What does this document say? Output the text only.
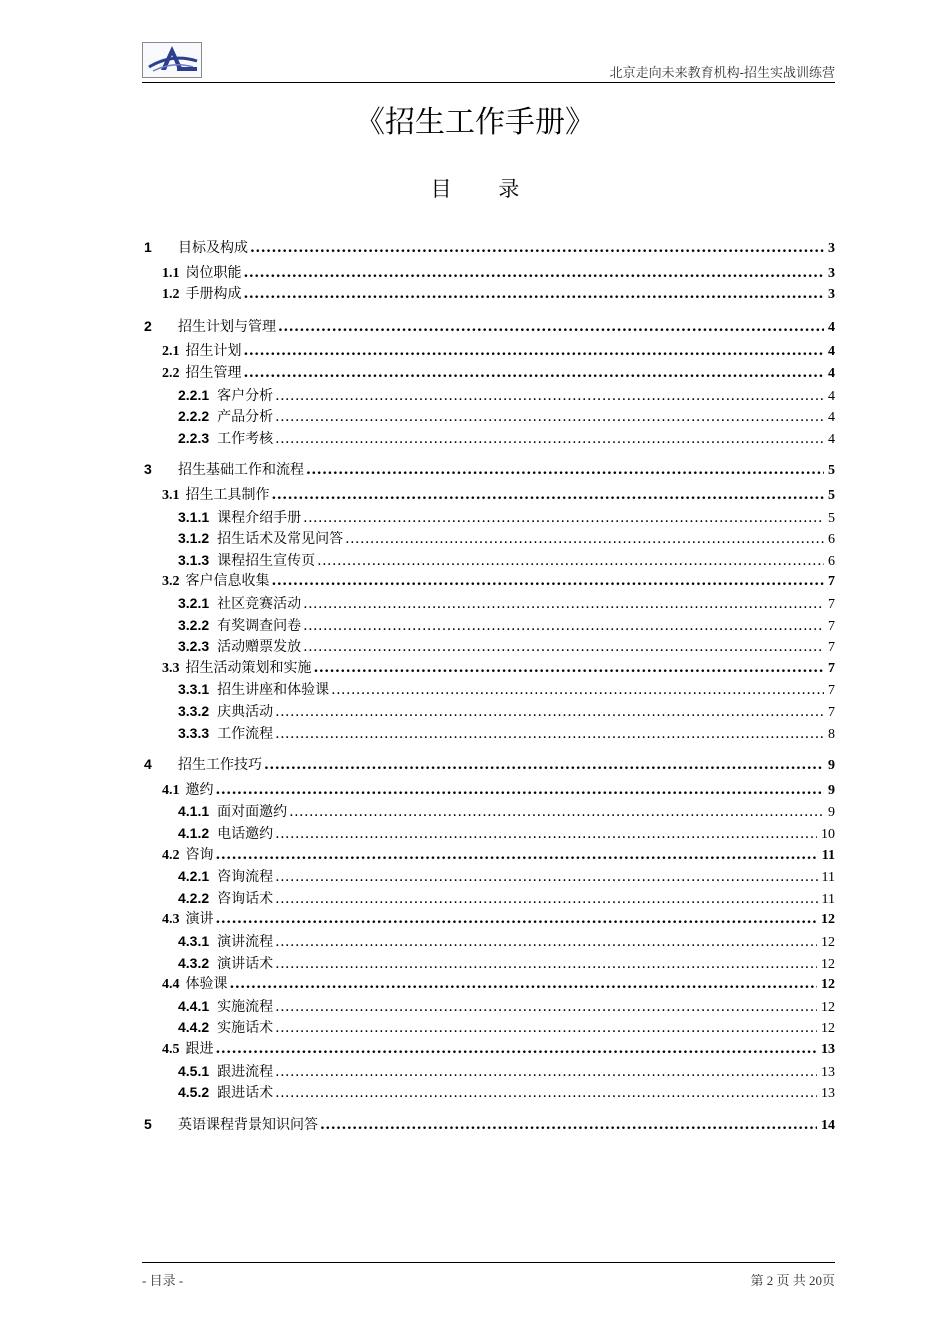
北京走向未来教育机构-招生实战训练营
《招生工作手册》
目 录
1	目标及构成 .....	3
1.1 岗位职能 .....	3
1.2 手册构成 .....	3
2	招生计划与管理 .....	4
2.1 招生计划 .....	4
2.2 招生管理 .....	4
2.2.1 客户分析 .....	4
2.2.2 产品分析 .....	4
2.2.3 工作考核 .....	4
3	招生基础工作和流程 .....	5
3.1 招生工具制作 .....	5
3.1.1 课程介绍手册 .....	5
3.1.2 招生话术及常见问答 .....	6
3.1.3 课程招生宣传页 .....	6
3.2 客户信息收集 .....	7
3.2.1 社区竞赛活动 .....	7
3.2.2 有奖调查问卷 .....	7
3.2.3 活动赠票发放 .....	7
3.3 招生活动策划和实施 .....	7
3.3.1 招生讲座和体验课 .....	7
3.3.2 庆典活动 .....	7
3.3.3 工作流程 .....	8
4	招生工作技巧 .....	9
4.1 邀约 .....	9
4.1.1 面对面邀约 .....	9
4.1.2 电话邀约 .....	10
4.2 咨询 .....	11
4.2.1 咨询流程 .....	11
4.2.2 咨询话术 .....	11
4.3 演讲 .....	12
4.3.1 演讲流程 .....	12
4.3.2 演讲话术 .....	12
4.4 体验课 .....	12
4.4.1 实施流程 .....	12
4.4.2 实施话术 .....	12
4.5 跟进 .....	13
4.5.1 跟进流程 .....	13
4.5.2 跟进话术 .....	13
5	英语课程背景知识问答 .....	14
- 目录 -	第 2 页 共 20页
